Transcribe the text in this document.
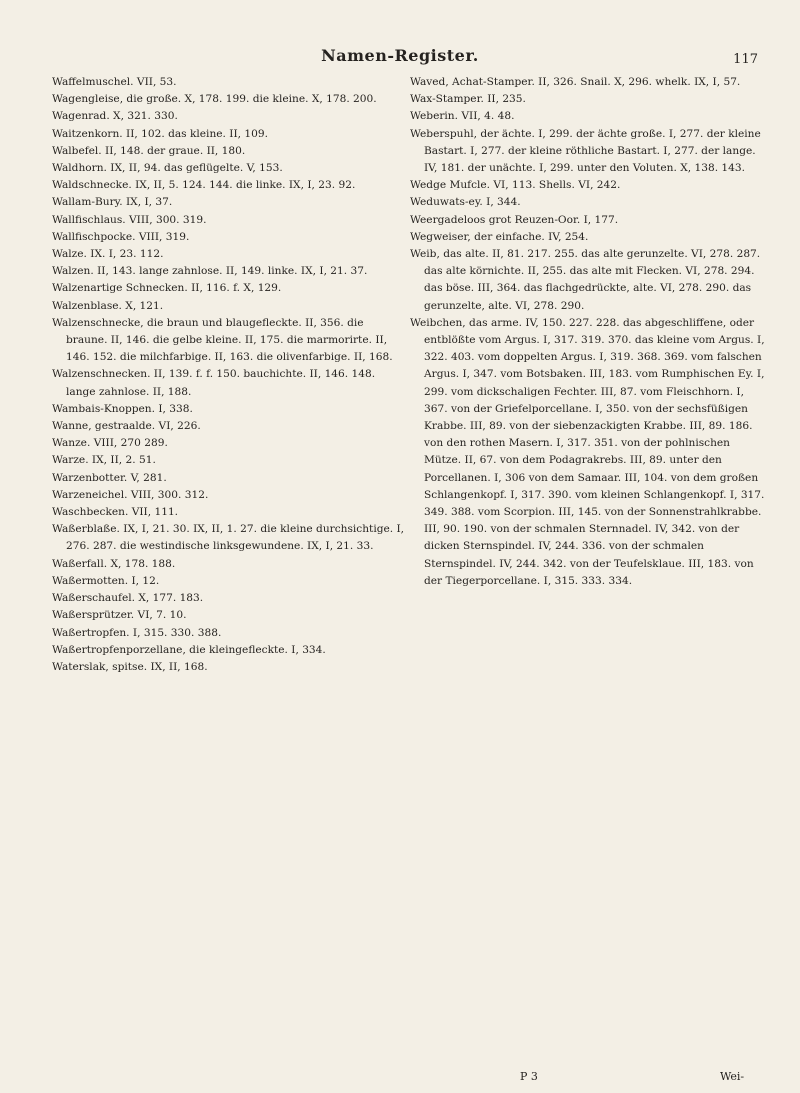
Namen-Register.	117

Waffelmuschel. VII, 53.

Wagengleise, die große. X, 178. 199. die kleine. X, 178. 200.

Wagenrad. X, 321. 330.

Waitzenkorn. II, 102. das kleine. II, 109.

Walbefel. II, 148. der graue. II, 180.

Waldhorn. IX, II, 94. das geflügelte. V, 153.

Waldschnecke. IX, II, 5. 124. 144. die linke. IX, I, 23. 92.

Wallam-Bury. IX, I, 37.

Wallfischlaus. VIII, 300. 319.

Wallfischpocke. VIII, 319.

Walze. IX. I, 23. 112.

Walzen. II, 143. lange zahnlose. II, 149. linke. IX, I, 21. 37.

Walzenartige Schnecken. II, 116. f. X, 129.

Walzenblase. X, 121.

Walzenschnecke, die braun und blaugefleckte. II, 356. die braune. II, 146. die gelbe kleine. II, 175. die marmorirte. II, 146. 152. die milchfarbige. II, 163. die olivenfarbige. II, 168.

Walzenschnecken. II, 139. f. f. 150. bauchichte. II, 146. 148. lange zahnlose. II, 188.

Wambais-Knoppen. I, 338.

Wanne, gestraalde. VI, 226.

Wanze. VIII, 270 289.

Warze. IX, II, 2. 51.

Warzenbotter. V, 281.

Warzeneichel. VIII, 300. 312.

Waschbecken. VII, 111.

Waßerblaße. IX, I, 21. 30. IX, II, 1. 27. die kleine durchsichtige. I, 276. 287. die westindische linksgewundene. IX, I, 21. 33.

Waßerfall. X, 178. 188.

Waßermotten. I, 12.

Waßerschaufel. X, 177. 183.

Waßersprützer. VI, 7. 10.

Waßertropfen. I, 315. 330. 388.

Waßertropfenporzellane, die kleingefleckte. I, 334.

Waterslak, spitse. IX, II, 168.

Waved, Achat-Stamper. II, 326. Snail. X, 296. whelk. IX, I, 57.

Wax-Stamper. II, 235.

Weberin. VII, 4. 48.

Weberspuhl, der ächte. I, 299. der ächte große. I, 277. der kleine Bastart. I, 277. der kleine röthliche Bastart. I, 277. der lange. IV, 181. der unächte. I, 299. unter den Voluten. X, 138. 143.

Wedge Mufcle. VI, 113. Shells. VI, 242.

Weduwats-ey. I, 344.

Weergadeloos grot Reuzen-Oor. I, 177.

Wegweiser, der einfache. IV, 254.

Weib, das alte. II, 81. 217. 255. das alte gerunzelte. VI, 278. 287. das alte körnichte. II, 255. das alte mit Flecken. VI, 278. 294. das böse. III, 364. das flachgedrückte, alte. VI, 278. 290. das gerunzelte, alte. VI, 278. 290.

Weibchen, das arme. IV, 150. 227. 228. das abgeschliffene, oder entblößte vom Argus. I, 317. 319. 370. das kleine vom Argus. I, 322. 403. vom doppelten Argus. I, 319. 368. 369. vom falschen Argus. I, 347. vom Botsbaken. III, 183. vom Rumphischen Ey. I, 299. vom dickschaligen Fechter. III, 87. vom Fleischhorn. I, 367. von der Griefelporcellane. I, 350. von der sechsfüßigen Krabbe. III, 89. von der siebenzackigten Krabbe. III, 89. 186. von den rothen Masern. I, 317. 351. von der pohlnischen Mütze. II, 67. von dem Podagrakrebs. III, 89. unter den Porcellanen. I, 306 von dem Samaar. III, 104. von dem großen Schlangenkopf. I, 317. 390. vom kleinen Schlangenkopf. I, 317. 349. 388. vom Scorpion. III, 145. von der Sonnenstrahlkrabbe. III, 90. 190. von der schmalen Sternnadel. IV, 342. von der dicken Sternspindel. IV, 244. 336. von der schmalen Sternspindel. IV, 244. 342. von der Teufelsklaue. III, 183. von der Tiegerporcellane. I, 315. 333. 334.

P 3	Wei-
